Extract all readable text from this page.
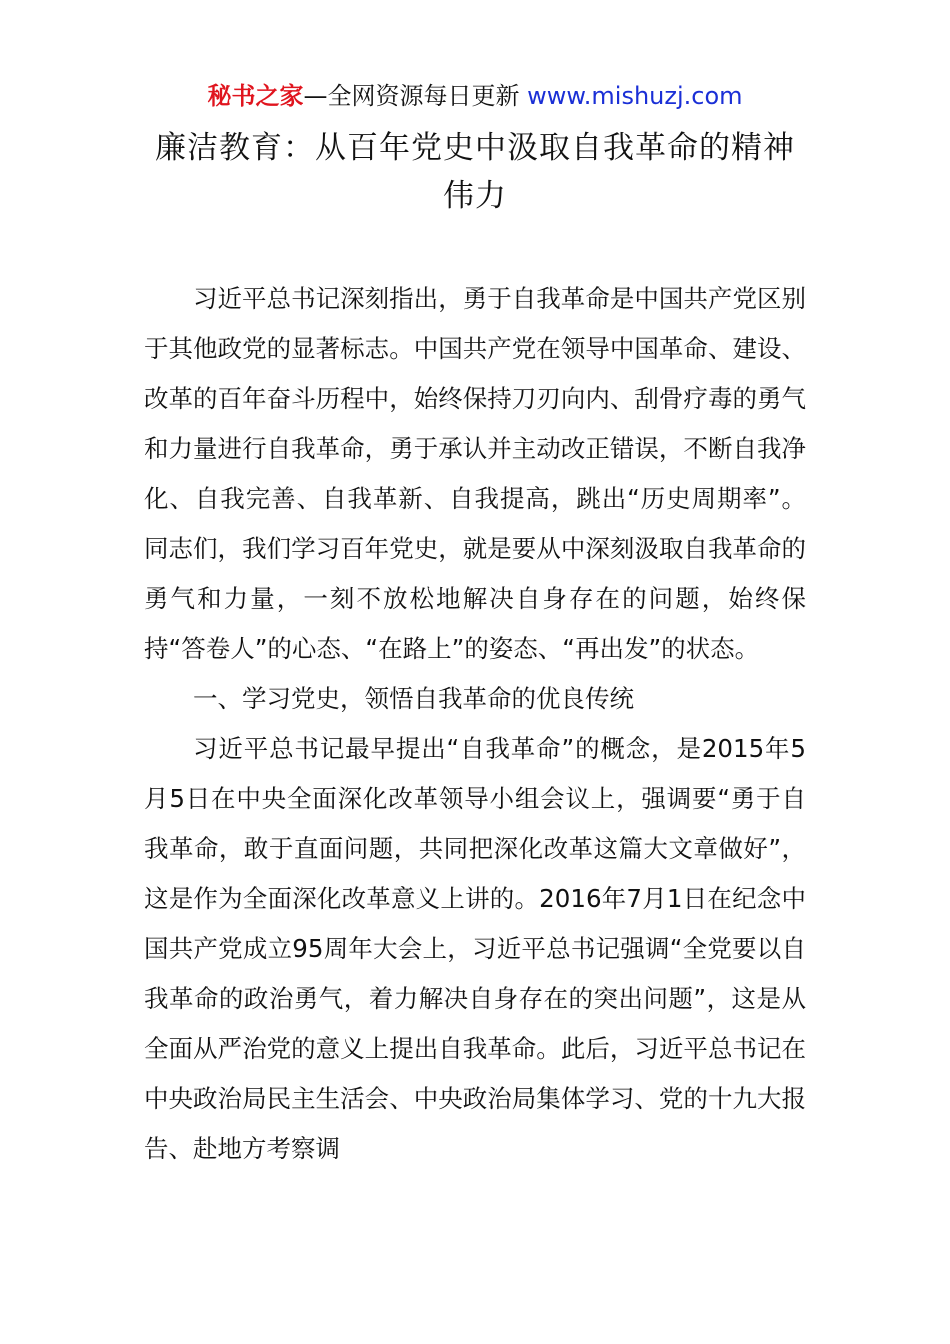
秘书之家—全网资源每日更新 www.mishuzj.com
廉洁教育：从百年党史中汲取自我革命的精神伟力

习近平总书记深刻指出，勇于自我革命是中国共产党区别于其他政党的显著标志。中国共产党在领导中国革命、建设、改革的百年奋斗历程中，始终保持刀刃向内、刮骨疗毒的勇气和力量进行自我革命，勇于承认并主动改正错误，不断自我净化、自我完善、自我革新、自我提高，跳出“历史周期率”。同志们，我们学习百年党史，就是要从中深刻汲取自我革命的勇气和力量，一刻不放松地解决自身存在的问题，始终保持“答卷人”的心态、“在路上”的姿态、“再出发”的状态。

一、学习党史，领悟自我革命的优良传统

习近平总书记最早提出“自我革命”的概念，是2015年5月5日在中央全面深化改革领导小组会议上，强调要“勇于自我革命，敢于直面问题，共同把深化改革这篇大文章做好”，这是作为全面深化改革意义上讲的。2016年7月1日在纪念中国共产党成立95周年大会上，习近平总书记强调“全党要以自我革命的政治勇气，着力解决自身存在的突出问题”，这是从全面从严治党的意义上提出自我革命。此后，习近平总书记在中央政治局民主生活会、中央政治局集体学习、党的十九大报告、赴地方考察调
